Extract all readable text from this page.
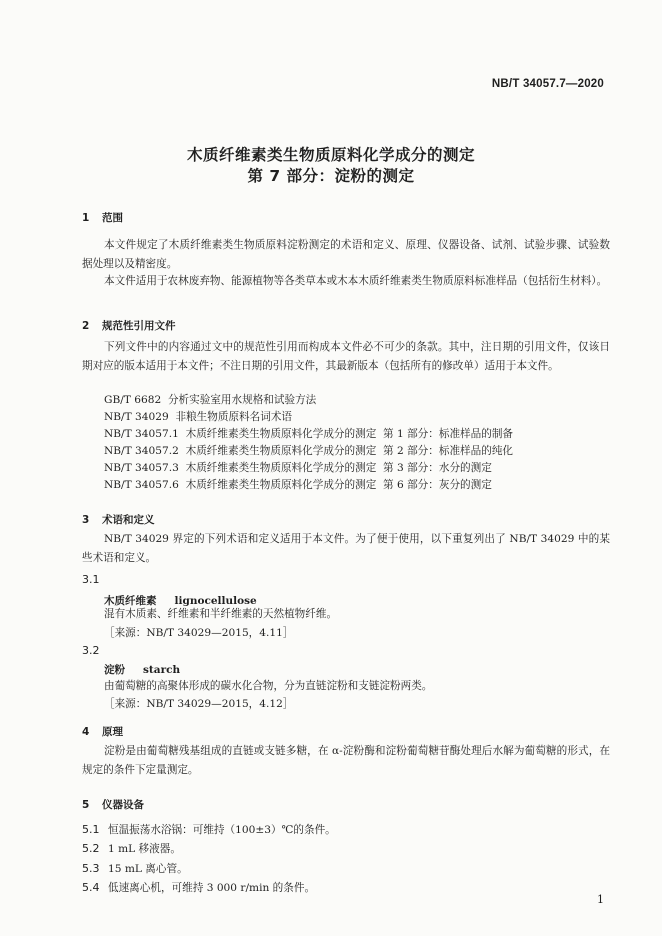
NB/T 34057.7—2020
木质纤维素类生物质原料化学成分的测定
第 7 部分：淀粉的测定
1 范围
本文件规定了木质纤维素类生物质原料淀粉测定的术语和定义、原理、仪器设备、试剂、试验步骤、试验数据处理以及精密度。
本文件适用于农林废弃物、能源植物等各类草本或木本木质纤维素类生物质原料标准样品（包括衍生材料）。
2 规范性引用文件
下列文件中的内容通过文中的规范性引用而构成本文件必不可少的条款。其中，注日期的引用文件，仅该日期对应的版本适用于本文件；不注日期的引用文件，其最新版本（包括所有的修改单）适用于本文件。
GB/T 6682  分析实验室用水规格和试验方法
NB/T 34029  非粮生物质原料名词术语
NB/T 34057.1  木质纤维素类生物质原料化学成分的测定  第 1 部分：标准样品的制备
NB/T 34057.2  木质纤维素类生物质原料化学成分的测定  第 2 部分：标准样品的纯化
NB/T 34057.3  木质纤维素类生物质原料化学成分的测定  第 3 部分：水分的测定
NB/T 34057.6  木质纤维素类生物质原料化学成分的测定  第 6 部分：灰分的测定
3 术语和定义
NB/T 34029 界定的下列术语和定义适用于本文件。为了便于使用，以下重复列出了 NB/T 34029 中的某些术语和定义。
3.1
木质纤维素 lignocellulose
混有木质素、纤维素和半纤维素的天然植物纤维。
［来源：NB/T 34029—2015，4.11］
3.2
淀粉 starch
由葡萄糖的高聚体形成的碳水化合物，分为直链淀粉和支链淀粉两类。
［来源：NB/T 34029—2015，4.12］
4 原理
淀粉是由葡萄糖残基组成的直链或支链多糖，在 α-淀粉酶和淀粉葡萄糖苷酶处理后水解为葡萄糖的形式，在规定的条件下定量测定。
5 仪器设备
5.1 恒温振荡水浴锅：可维持（100±3）℃的条件。
5.2 1 mL 移液器。
5.3 15 mL 离心管。
5.4 低速离心机，可维持 3 000 r/min 的条件。
1
